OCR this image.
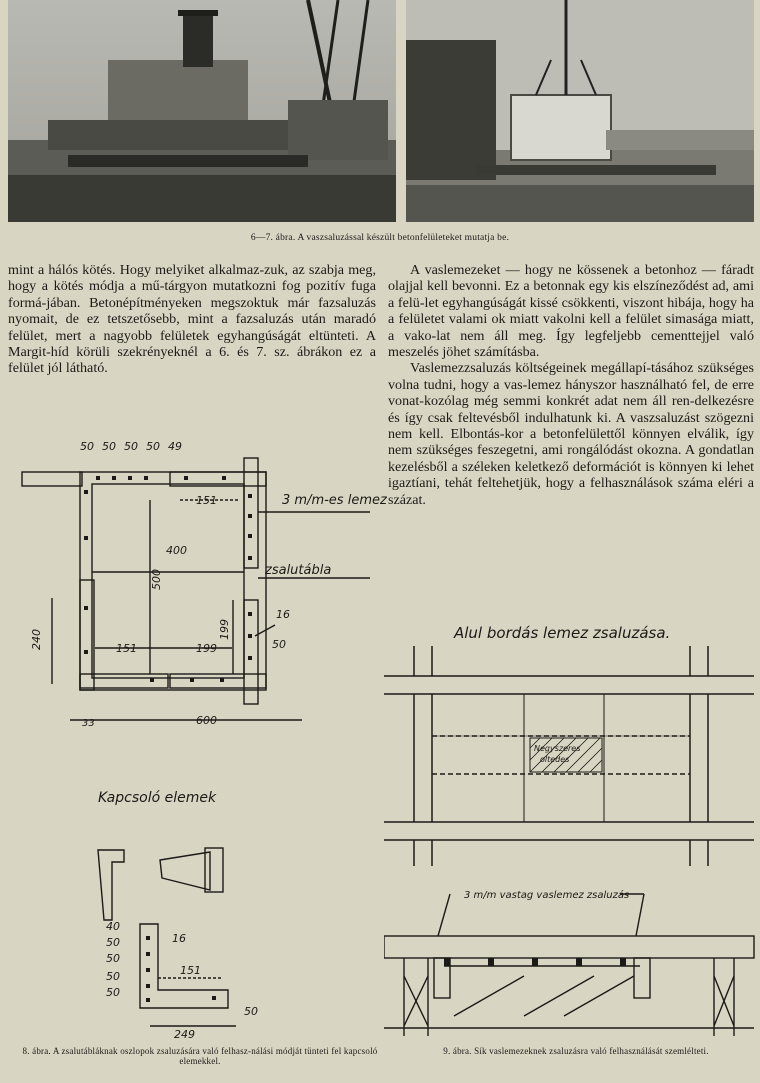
6—7. ábra. A vaszsaluzással készült betonfelületeket mutatja be.

mint a hálós kötés. Hogy melyiket alkalmaz-zuk, az szabja meg, hogy a kötés módja a mű-tárgyon mutatkozni fog pozitív fuga formá-jában. Betonépítményeken megszoktuk már fazsaluzás nyomait, de ez tetszetősebb, mint a fazsaluzás után maradó felület, mert a nagyobb felületek egyhangúságát eltünteti. A Margit-híd körüli szekrényeknél a 6. és 7. sz. ábrákon ez a felület jól látható.

A vaslemezeket — hogy ne kössenek a betonhoz — fáradt olajjal kell bevonni. Ez a betonnak egy kis elszíneződést ad, ami a felü-let egyhangúságát kissé csökkenti, viszont hibája, hogy ha a felületet valami ok miatt vakolni kell a felület simasága miatt, a vako-lat nem áll meg. Így legfeljebb cementtejjel való meszelés jöhet számításba.

Vaslemezzsaluzás költségeinek megállapí-tásához szükséges volna tudni, hogy a vas-lemez hányszor használható fel, de erre vonat-kozólag még semmi konkrét adat nem áll ren-delkezésre és így csak feltevésből indulhatunk ki. A vaszsaluzást szögezni nem kell. Elbontás-kor a betonfelülettől könnyen elválik, így nem szükséges feszegetni, ami rongálódást okozna. A gondatlan kezelésből a széleken keletkező deformációt is könnyen ki lehet igaztíani, tehát feltehetjük, hogy a felhasználások száma eléri a százat.

50 50 50 50 49
3 m/m-es lemez
zsalutábla
151
400
500
199
16
50
151	199
240
33	600
Kapcsoló elemek
40
50
50
50
50
16
151
50
249
8. ábra. A zsalutábláknak oszlopok zsaluzására való felhasz-nálási módját tünteti fel kapcsoló elemekkel.
Alul bordás lemez zsaluzása.
Negyszeres
oltedes
3 m/m vastag vaslemez zsaluzás
9. ábra. Sík vaslemezeknek zsaluzásra való felhasználását szemlélteti.
